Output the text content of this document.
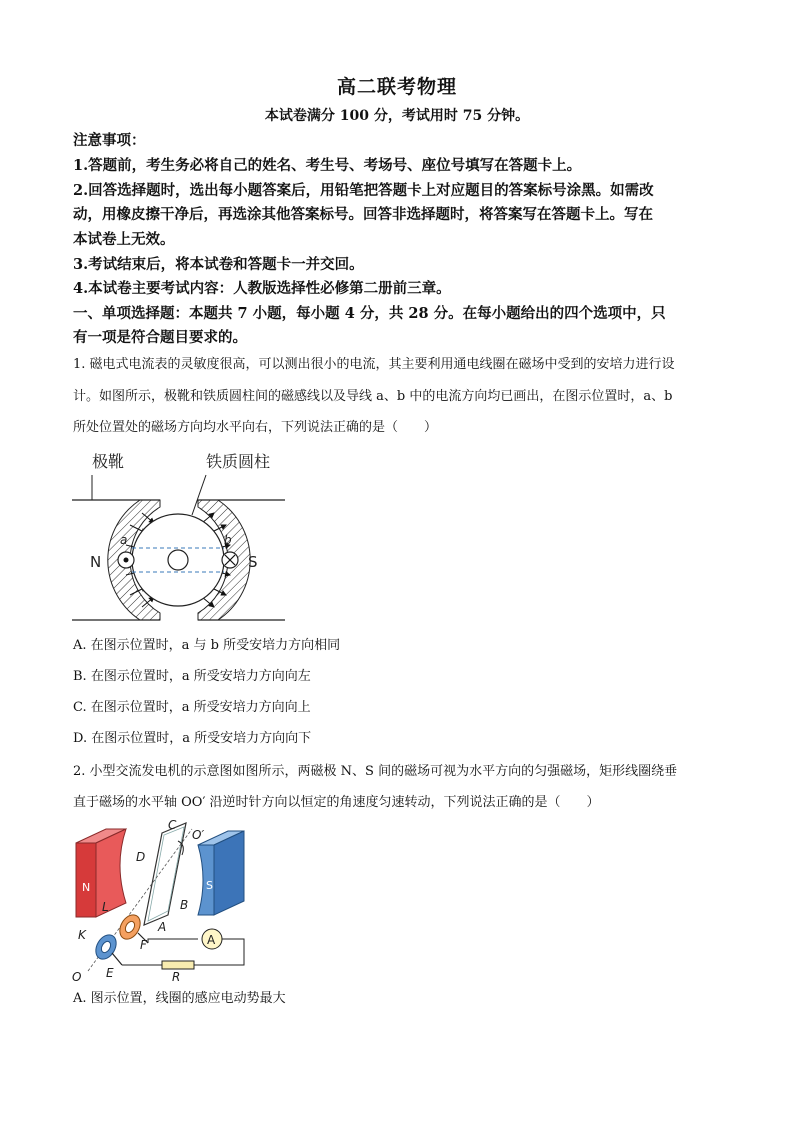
高二联考物理
本试卷满分 100 分，考试用时 75 分钟。
注意事项：
1.答题前，考生务必将自己的姓名、考生号、考场号、座位号填写在答题卡上。
2.回答选择题时，选出每小题答案后，用铅笔把答题卡上对应题目的答案标号涂黑。如需改
动，用橡皮擦干净后，再选涂其他答案标号。回答非选择题时，将答案写在答题卡上。写在
本试卷上无效。
3.考试结束后，将本试卷和答题卡一并交回。
4.本试卷主要考试内容：人教版选择性必修第二册前三章。
一、单项选择题：本题共 7 小题，每小题 4 分，共 28 分。在每小题给出的四个选项中，只
有一项是符合题目要求的。
1. 磁电式电流表的灵敏度很高，可以测出很小的电流，其主要利用通电线圈在磁场中受到的安培力进行设
计。如图所示，极靴和铁质圆柱间的磁感线以及导线 a、b 中的电流方向均已画出，在图示位置时，a、b
所处位置处的磁场方向均水平向右，下列说法正确的是（　　）
极靴	铁质圆柱
a	b
N	S
A. 在图示位置时，a 与 b 所受安培力方向相同
B. 在图示位置时，a 所受安培力方向向左
C. 在图示位置时，a 所受安培力方向向上
D. 在图示位置时，a 所受安培力方向向下
2. 小型交流发电机的示意图如图所示，两磁极 N、S 间的磁场可视为水平方向的匀强磁场，矩形线圈绕垂
直于磁场的水平轴 OO′ 沿逆时针方向以恒定的角速度匀速转动，下列说法正确的是（　　）
N	S
A
C
O′
D
B
L
A
K
F
O E	R
A. 图示位置，线圈的感应电动势最大
